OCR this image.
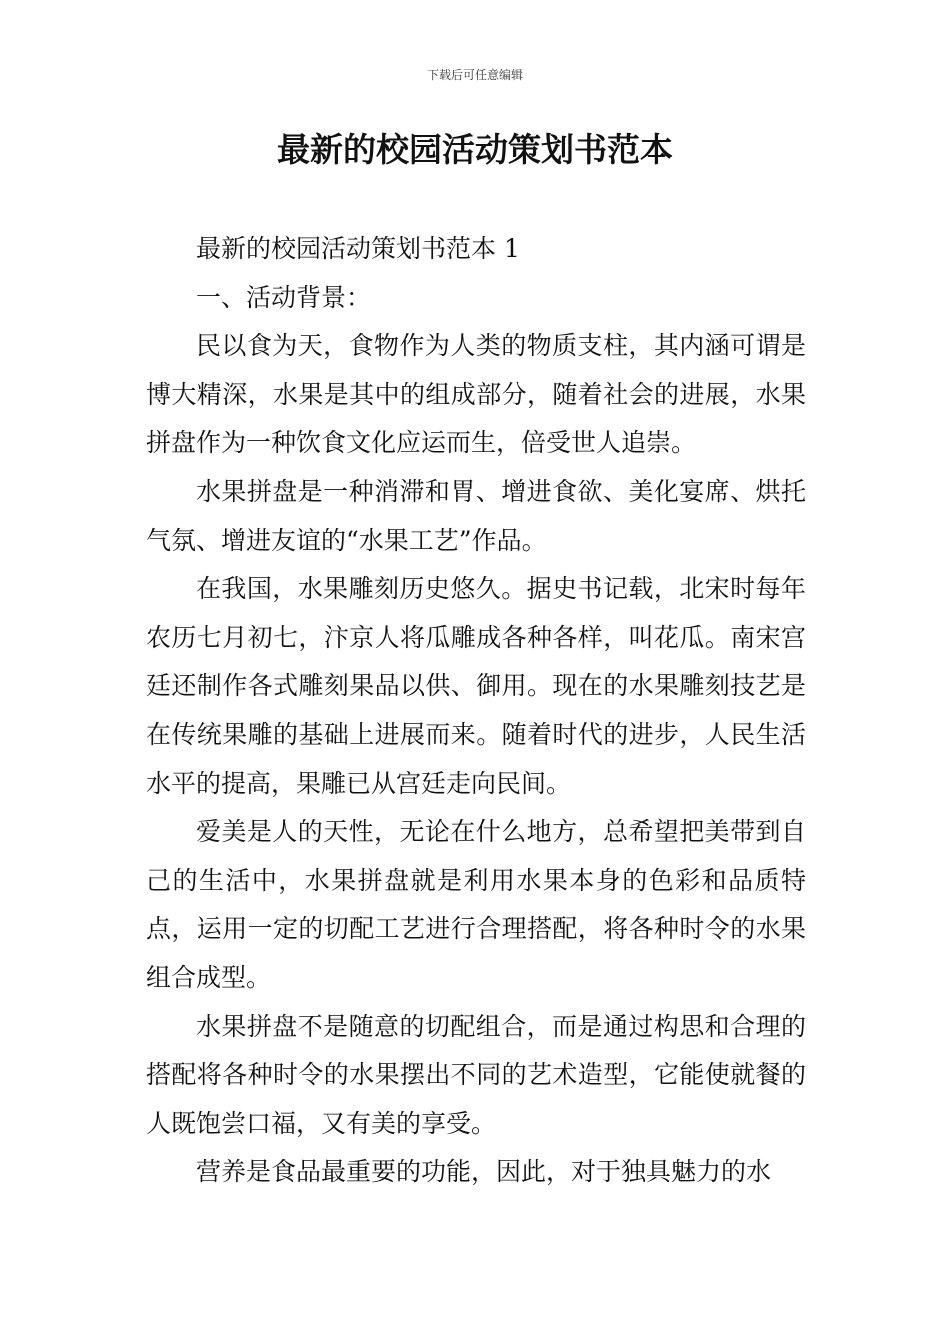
下载后可任意编辑
最新的校园活动策划书范本

最新的校园活动策划书范本 1

一、活动背景：

民以食为天，食物作为人类的物质支柱，其内涵可谓是博大精深，水果是其中的组成部分，随着社会的进展，水果拼盘作为一种饮食文化应运而生，倍受世人追崇。

水果拼盘是一种消滞和胃、增进食欲、美化宴席、烘托气氛、增进友谊的“水果工艺”作品。

在我国，水果雕刻历史悠久。据史书记载，北宋时每年农历七月初七，汴京人将瓜雕成各种各样，叫花瓜。南宋宫廷还制作各式雕刻果品以供、御用。现在的水果雕刻技艺是在传统果雕的基础上进展而来。随着时代的进步，人民生活水平的提高，果雕已从宫廷走向民间。

爱美是人的天性，无论在什么地方，总希望把美带到自己的生活中，水果拼盘就是利用水果本身的色彩和品质特点，运用一定的切配工艺进行合理搭配，将各种时令的水果组合成型。

水果拼盘不是随意的切配组合，而是通过构思和合理的搭配将各种时令的水果摆出不同的艺术造型，它能使就餐的人既饱尝口福，又有美的享受。

营养是食品最重要的功能，因此，对于独具魅力的水
